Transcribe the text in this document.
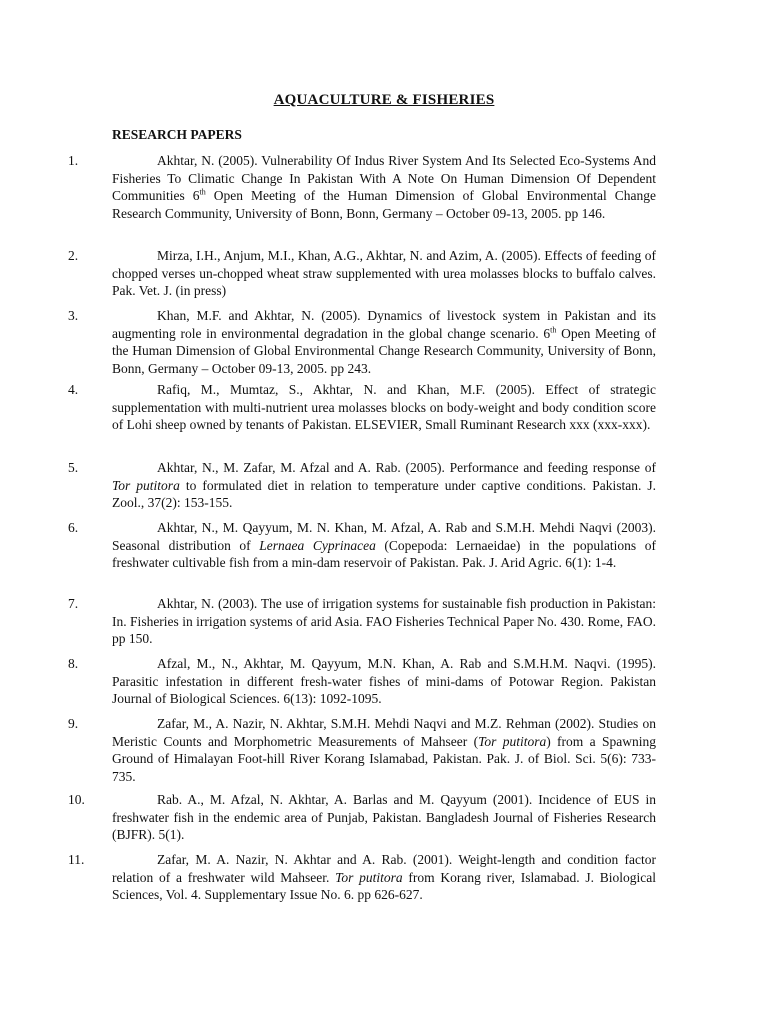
AQUACULTURE & FISHERIES
RESEARCH PAPERS
1.	Akhtar, N. (2005). Vulnerability Of Indus River System And Its Selected Eco-Systems And Fisheries To Climatic Change In Pakistan With A Note On Human Dimension Of Dependent Communities 6th Open Meeting of the Human Dimension of Global Environmental Change Research Community, University of Bonn, Bonn, Germany – October 09-13, 2005. pp 146.
2.	Mirza, I.H., Anjum, M.I., Khan, A.G., Akhtar, N. and Azim, A. (2005). Effects of feeding of chopped verses un-chopped wheat straw supplemented with urea molasses blocks to buffalo calves. Pak. Vet. J. (in press)
3.	Khan, M.F. and Akhtar, N. (2005). Dynamics of livestock system in Pakistan and its augmenting role in environmental degradation in the global change scenario. 6th Open Meeting of the Human Dimension of Global Environmental Change Research Community, University of Bonn, Bonn, Germany – October 09-13, 2005. pp 243.
4.	Rafiq, M., Mumtaz, S., Akhtar, N. and Khan, M.F. (2005). Effect of strategic supplementation with multi-nutrient urea molasses blocks on body-weight and body condition score of Lohi sheep owned by tenants of Pakistan. ELSEVIER, Small Ruminant Research xxx (xxx-xxx).
5.	Akhtar, N., M. Zafar, M. Afzal and A. Rab. (2005). Performance and feeding response of Tor putitora to formulated diet in relation to temperature under captive conditions. Pakistan. J. Zool., 37(2): 153-155.
6.	Akhtar, N., M. Qayyum, M. N. Khan, M. Afzal, A. Rab and S.M.H. Mehdi Naqvi (2003). Seasonal distribution of Lernaea Cyprinacea (Copepoda: Lernaeidae) in the populations of freshwater cultivable fish from a min-dam reservoir of Pakistan. Pak. J. Arid Agric. 6(1): 1-4.
7.	Akhtar, N. (2003). The use of irrigation systems for sustainable fish production in Pakistan: In. Fisheries in irrigation systems of arid Asia. FAO Fisheries Technical Paper No. 430. Rome, FAO. pp 150.
8.	Afzal, M., N., Akhtar, M. Qayyum, M.N. Khan, A. Rab and S.M.H.M. Naqvi. (1995). Parasitic infestation in different fresh-water fishes of mini-dams of Potowar Region. Pakistan Journal of Biological Sciences. 6(13): 1092-1095.
9.	Zafar, M., A. Nazir, N. Akhtar, S.M.H. Mehdi Naqvi and M.Z. Rehman (2002). Studies on Meristic Counts and Morphometric Measurements of Mahseer (Tor putitora) from a Spawning Ground of Himalayan Foot-hill River Korang Islamabad, Pakistan. Pak. J. of Biol. Sci. 5(6): 733-735.
10.	Rab. A., M. Afzal, N. Akhtar, A. Barlas and M. Qayyum (2001). Incidence of EUS in freshwater fish in the endemic area of Punjab, Pakistan. Bangladesh Journal of Fisheries Research (BJFR). 5(1).
11.	Zafar, M. A. Nazir, N. Akhtar and A. Rab. (2001). Weight-length and condition factor relation of a freshwater wild Mahseer. Tor putitora from Korang river, Islamabad. J. Biological Sciences, Vol. 4. Supplementary Issue No. 6. pp 626-627.
